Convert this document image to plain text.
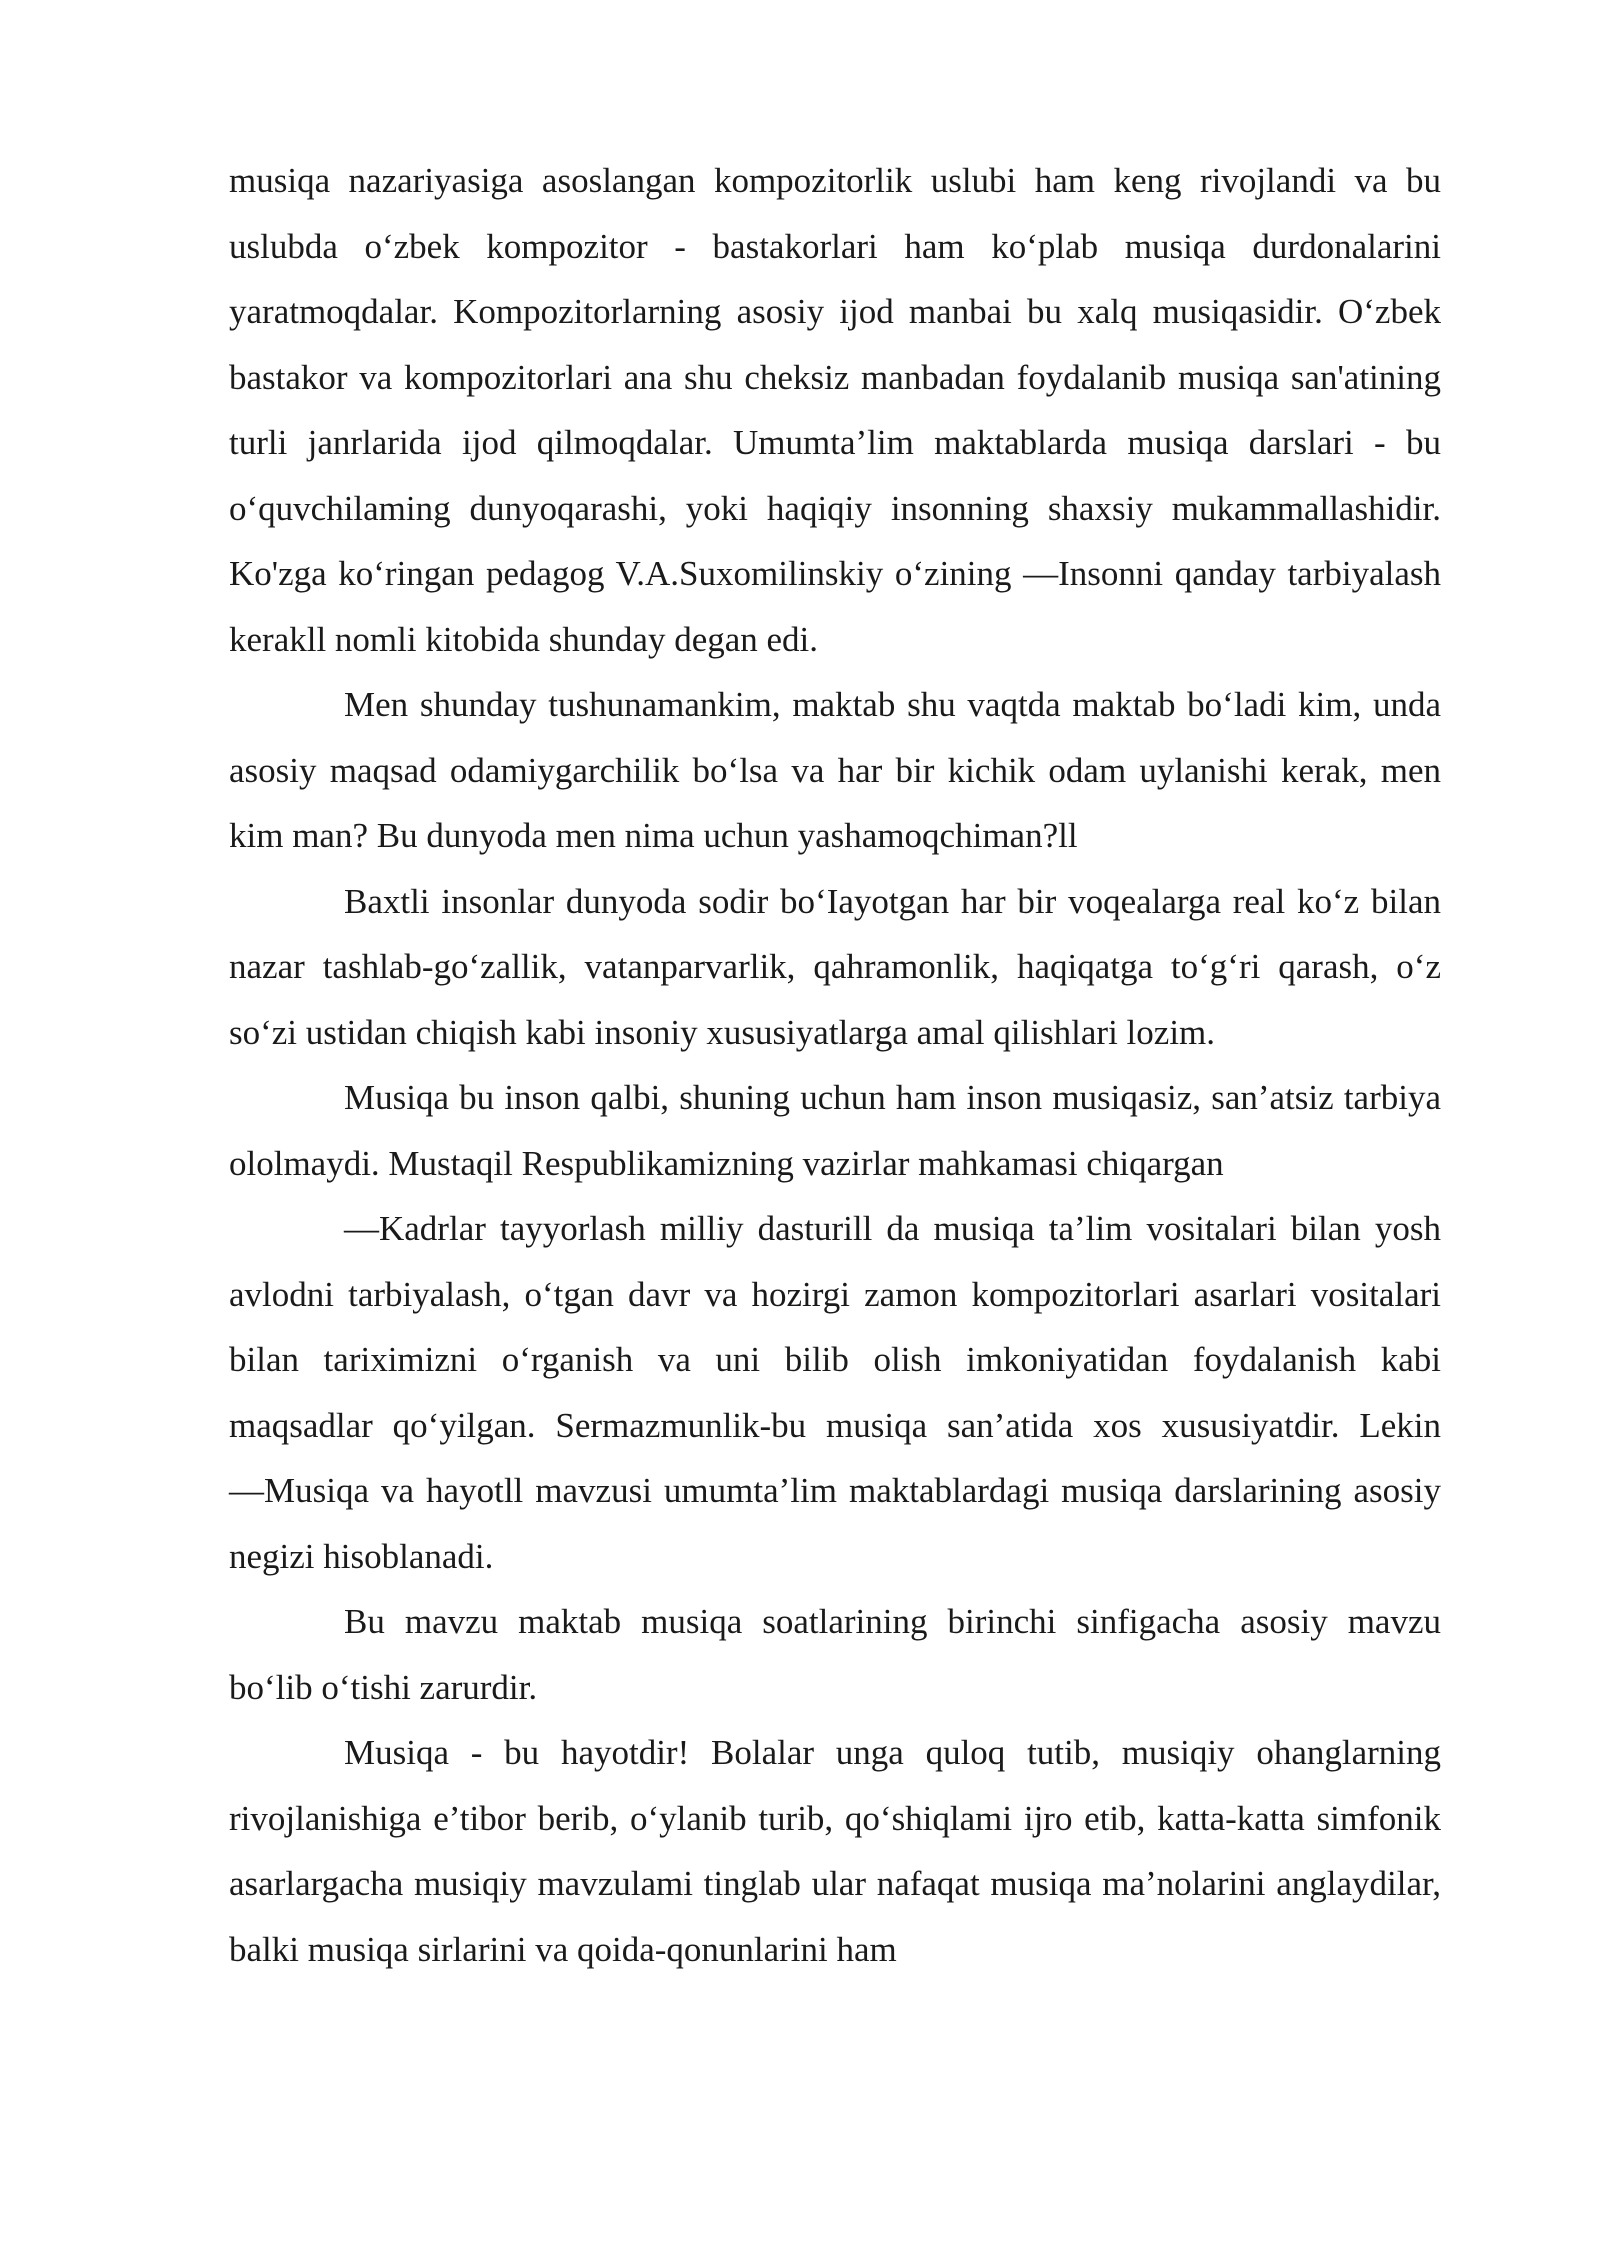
musiqa nazariyasiga asoslangan kompozitorlik uslubi ham keng rivojlandi va bu uslubda o‘zbek kompozitor - bastakorlari ham ko‘plab musiqa durdonalarini yaratmoqdalar. Kompozitorlarning asosiy ijod manbai bu xalq musiqasidir. O‘zbek bastakor va kompozitorlari ana shu cheksiz manbadan foydalanib musiqa san'atining turli janrlarida ijod qilmoqdalar. Umumta’lim maktablarda musiqa darslari - bu o‘quvchilaming dunyoqarashi, yoki haqiqiy insonning shaxsiy mukammallashidir. Ko'zga ko‘ringan pedagog V.A.Suxomilinskiy o‘zining ―Insonni qanday tarbiyalash kerakll nomli kitobida shunday degan edi.

Men shunday tushunamankim, maktab shu vaqtda maktab bo‘ladi kim, unda asosiy maqsad odamiygarchilik bo‘lsa va har bir kichik odam uylanishi kerak, men kim man? Bu dunyoda men nima uchun yashamoqchiman?ll

Baxtli insonlar dunyoda sodir bo‘Iayotgan har bir voqealarga real ko‘z bilan nazar tashlab-go‘zallik, vatanparvarlik, qahramonlik, haqiqatga to‘g‘ri qarash, o‘z so‘zi ustidan chiqish kabi insoniy xususiyatlarga amal qilishlari lozim.

Musiqa bu inson qalbi, shuning uchun ham inson musiqasiz, san’atsiz tarbiya ololmaydi. Mustaqil Respublikamizning vazirlar mahkamasi chiqargan

―Kadrlar tayyorlash milliy dasturill da musiqa ta’lim vositalari bilan yosh avlodni tarbiyalash, o‘tgan davr va hozirgi zamon kompozitorlari asarlari vositalari bilan tariximizni o‘rganish va uni bilib olish imkoniyatidan foydalanish kabi maqsadlar qo‘yilgan. Sermazmunlik-bu musiqa san’atida xos xususiyatdir. Lekin ―Musiqa va hayotll mavzusi umumta’lim maktablardagi musiqa darslarining asosiy negizi hisoblanadi.

Bu mavzu maktab musiqa soatlarining birinchi sinfigacha asosiy mavzu bo‘lib o‘tishi zarurdir.

Musiqa - bu hayotdir! Bolalar unga quloq tutib, musiqiy ohanglarning rivojlanishiga e’tibor berib, o‘ylanib turib, qo‘shiqlami ijro etib, katta-katta simfonik asarlargacha musiqiy mavzulami tinglab ular nafaqat musiqa ma’nolarini anglaydilar, balki musiqa sirlarini va qoida-qonunlarini ham
